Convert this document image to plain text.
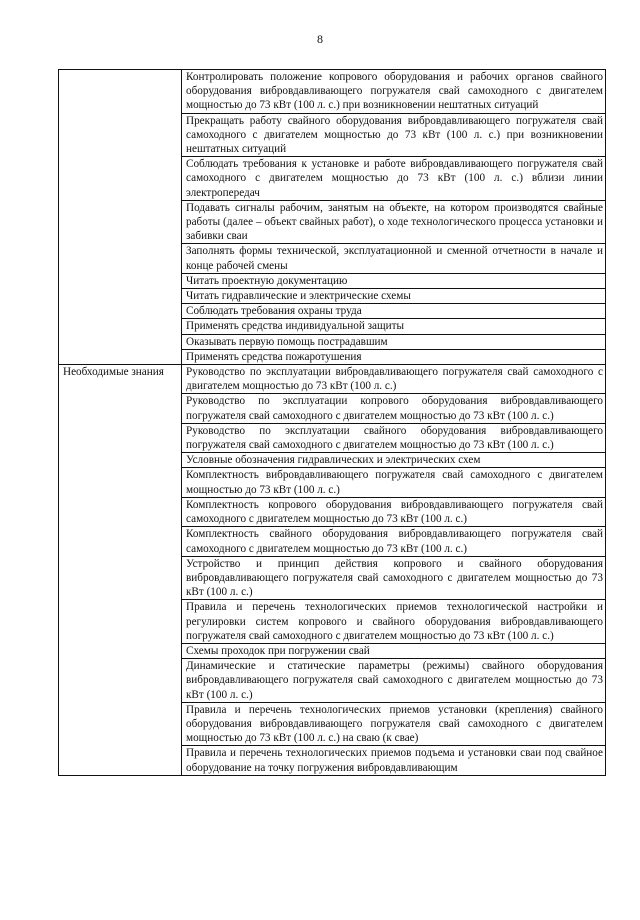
8
	Контролировать положение копрового оборудования и рабочих органов свайного оборудования вибровдавливающего погружателя свай самоходного с двигателем мощностью до 73 кВт (100 л. с.) при возникновении нештатных ситуаций
	Прекращать работу свайного оборудования вибровдавливающего погружателя свай самоходного с двигателем мощностью до 73 кВт (100 л. с.) при возникновении нештатных ситуаций
	Соблюдать требования к установке и работе вибровдавливающего погружателя свай самоходного с двигателем мощностью до 73 кВт (100 л. с.) вблизи линии электропередач
	Подавать сигналы рабочим, занятым на объекте, на котором производятся свайные работы (далее – объект свайных работ), о ходе технологического процесса установки и забивки сваи
	Заполнять формы технической, эксплуатационной и сменной отчетности в начале и конце рабочей смены
	Читать проектную документацию
	Читать гидравлические и электрические схемы
	Соблюдать требования охраны труда
	Применять средства индивидуальной защиты
	Оказывать первую помощь пострадавшим
	Применять средства пожаротушения
Необходимые знания	Руководство по эксплуатации вибровдавливающего погружателя свай самоходного с двигателем мощностью до 73 кВт (100 л. с.)
	Руководство по эксплуатации копрового оборудования вибровдавливающего погружателя свай самоходного с двигателем мощностью до 73 кВт (100 л. с.)
	Руководство по эксплуатации свайного оборудования вибровдавливающего погружателя свай самоходного с двигателем мощностью до 73 кВт (100 л. с.)
	Условные обозначения гидравлических и электрических схем
	Комплектность вибровдавливающего погружателя свай самоходного с двигателем мощностью до 73 кВт (100 л. с.)
	Комплектность копрового оборудования вибровдавливающего погружателя свай самоходного с двигателем мощностью до 73 кВт (100 л. с.)
	Комплектность свайного оборудования вибровдавливающего погружателя свай самоходного с двигателем мощностью до 73 кВт (100 л. с.)
	Устройство и принцип действия копрового и свайного оборудования вибровдавливающего погружателя свай самоходного с двигателем мощностью до 73 кВт (100 л. с.)
	Правила и перечень технологических приемов технологической настройки и регулировки систем копрового и свайного оборудования вибровдавливающего погружателя свай самоходного с двигателем мощностью до 73 кВт (100 л. с.)
	Схемы проходок при погружении свай
	Динамические и статические параметры (режимы) свайного оборудования вибровдавливающего погружателя свай самоходного с двигателем мощностью до 73 кВт (100 л. с.)
	Правила и перечень технологических приемов установки (крепления) свайного оборудования вибровдавливающего погружателя свай самоходного с двигателем мощностью до 73 кВт (100 л. с.) на сваю (к свае)
	Правила и перечень технологических приемов подъема и установки сваи под свайное оборудование на точку погружения вибровдавливающим
